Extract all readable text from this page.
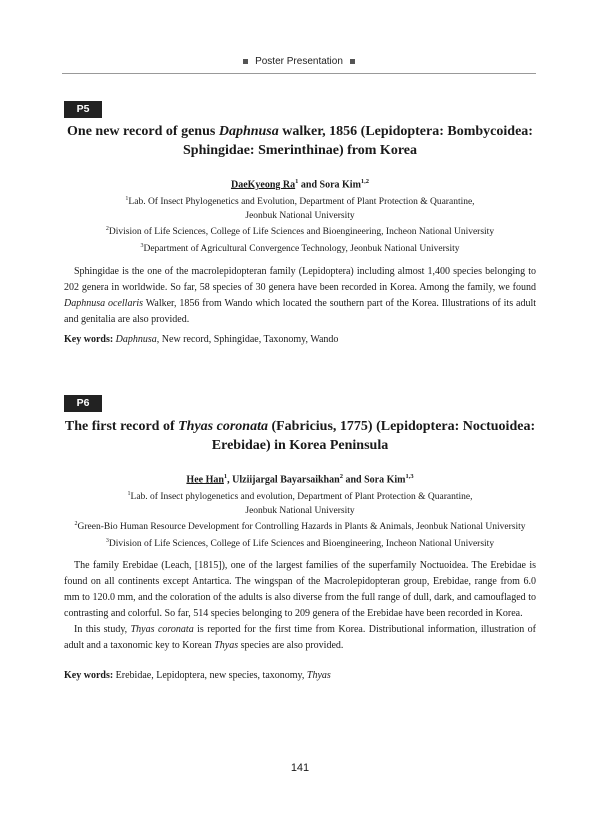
Poster Presentation
P5
One new record of genus Daphnusa walker, 1856 (Lepidoptera: Bombycoidea:
Sphingidae: Smerinthinae) from Korea
DaeKyeong Ra$^1$ and Sora Kim$^{1,2}$
$^1$Lab. Of Insect Phylogenetics and Evolution, Department of Plant Protection & Quarantine,
Jeonbuk National University
$^2$Division of Life Sciences, College of Life Sciences and Bioengineering, Incheon National University
$^3$Department of Agricultural Convergence Technology, Jeonbuk National University

Sphingidae is the one of the macrolepidopteran family (Lepidoptera) including almost 1,400 species belonging to 202 genera in worldwide. So far, 58 species of 30 genera have been recorded in Korea. Among the family, we found Daphnusa ocellaris Walker, 1856 from Wando which located the southern part of the Korea. Illustrations of its adult and genitalia are also provided.

Key words: Daphnusa, New record, Sphingidae, Taxonomy, Wando
P6
The first record of Thyas coronata (Fabricius, 1775) (Lepidoptera: Noctuoidea:
Erebidae) in Korea Peninsula
Hee Han$^1$, Ulziijargal Bayarsaikhan$^2$ and Sora Kim$^{1,3}$
$^1$Lab. of Insect phylogenetics and evolution, Department of Plant Protection & Quarantine,
Jeonbuk National University
$^2$Green-Bio Human Resource Development for Controlling Hazards in Plants & Animals, Jeonbuk National University
$^3$Division of Life Sciences, College of Life Sciences and Bioengineering, Incheon National University

The family Erebidae (Leach, [1815]), one of the largest families of the superfamily Noctuoidea. The Erebidae is found on all continents except Antartica. The wingspan of the Macrolepidopteran group, Erebidae, range from 6.0 mm to 120.0 mm, and the coloration of the adults is also diverse from the full range of dull, dark, and camouflaged to contrasting and colorful. So far, 514 species belonging to 209 genera of the Erebidae have been recorded in Korea.

In this study, Thyas coronata is reported for the first time from Korea. Distributional information, illustration of adult and a taxonomic key to Korean Thyas species are also provided.

Key words: Erebidae, Lepidoptera, new species, taxonomy, Thyas
141
